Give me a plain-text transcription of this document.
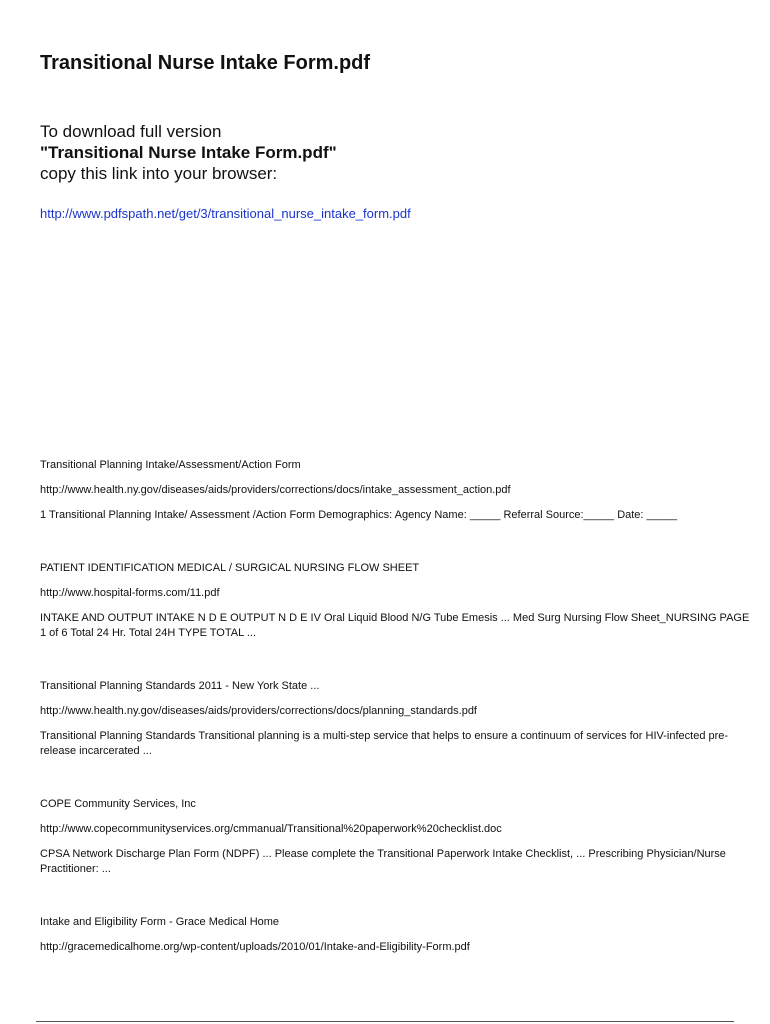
Transitional Nurse Intake Form.pdf
To download full version
"Transitional Nurse Intake Form.pdf"
copy this link into your browser:
http://www.pdfspath.net/get/3/transitional_nurse_intake_form.pdf

Transitional Planning Intake/Assessment/Action Form

http://www.health.ny.gov/diseases/aids/providers/corrections/docs/intake_assessment_action.pdf

1 Transitional Planning Intake/ Assessment /Action Form Demographics: Agency Name: _____ Referral Source:_____ Date: _____

PATIENT IDENTIFICATION MEDICAL / SURGICAL NURSING FLOW SHEET

http://www.hospital-forms.com/11.pdf

INTAKE AND OUTPUT INTAKE N D E OUTPUT N D E IV Oral Liquid Blood N/G Tube Emesis ... Med Surg Nursing Flow Sheet_NURSING PAGE 1 of 6 Total 24 Hr. Total 24H TYPE TOTAL ...

Transitional Planning Standards 2011 - New York State ...

http://www.health.ny.gov/diseases/aids/providers/corrections/docs/planning_standards.pdf

Transitional Planning Standards Transitional planning is a multi-step service that helps to ensure a continuum of services for HIV-infected pre-release incarcerated ...

COPE Community Services, Inc

http://www.copecommunityservices.org/cmmanual/Transitional%20paperwork%20checklist.doc

CPSA Network Discharge Plan Form (NDPF) ... Please complete the Transitional Paperwork Intake Checklist, ... Prescribing Physician/Nurse Practitioner: ...

Intake and Eligibility Form - Grace Medical Home

http://gracemedicalhome.org/wp-content/uploads/2010/01/Intake-and-Eligibility-Form.pdf
